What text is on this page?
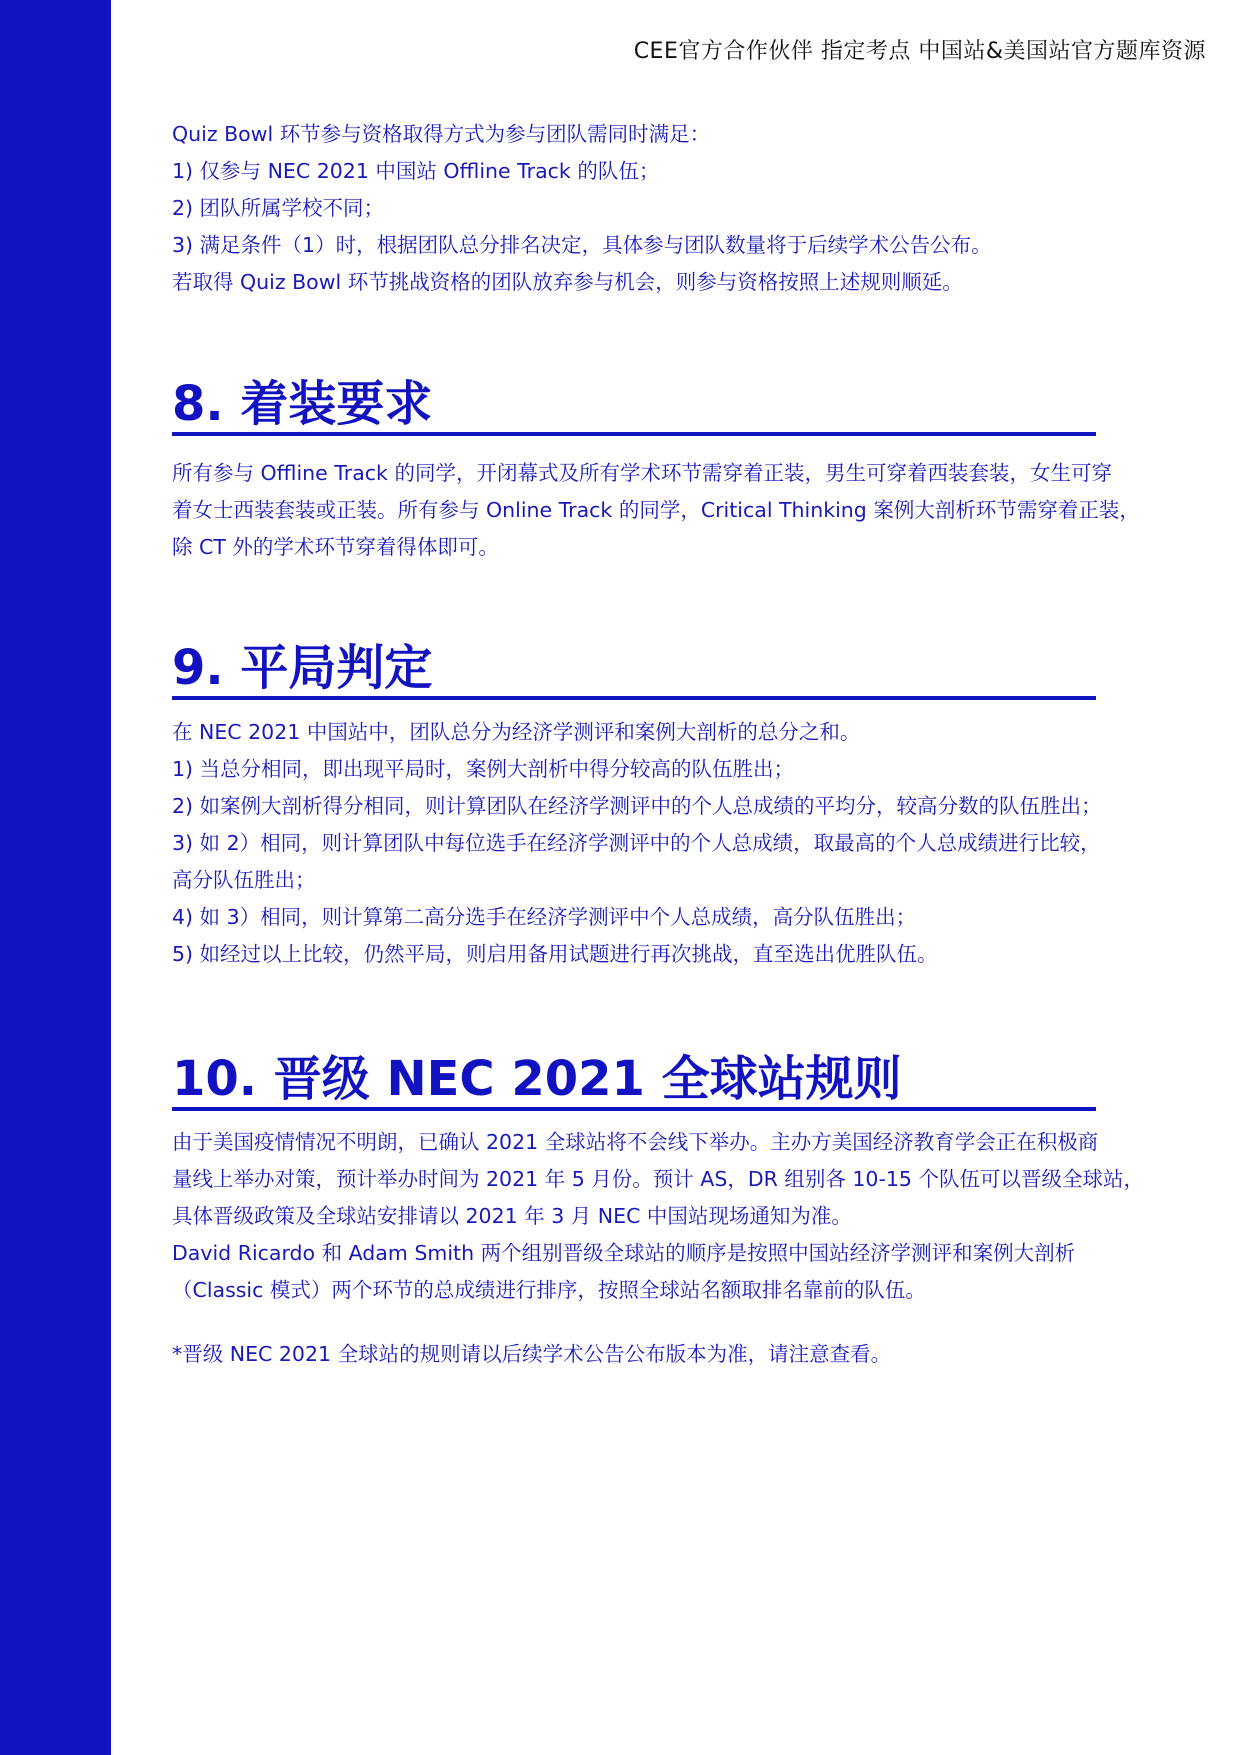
CEE官方合作伙伴 指定考点 中国站&美国站官方题库资源
Quiz Bowl 环节参与资格取得方式为参与团队需同时满足：
1) 仅参与 NEC 2021 中国站 Offline Track 的队伍；
2) 团队所属学校不同；
3) 满足条件（1）时，根据团队总分排名决定，具体参与团队数量将于后续学术公告公布。
若取得 Quiz Bowl 环节挑战资格的团队放弃参与机会，则参与资格按照上述规则顺延。
8. 着装要求
所有参与 Offline Track 的同学，开闭幕式及所有学术环节需穿着正装，男生可穿着西装套装，女生可穿
着女士西装套装或正装。所有参与 Online Track 的同学，Critical Thinking 案例大剖析环节需穿着正装，
除 CT 外的学术环节穿着得体即可。
9. 平局判定
在 NEC 2021 中国站中，团队总分为经济学测评和案例大剖析的总分之和。
1) 当总分相同，即出现平局时，案例大剖析中得分较高的队伍胜出；
2) 如案例大剖析得分相同，则计算团队在经济学测评中的个人总成绩的平均分，较高分数的队伍胜出；
3) 如 2）相同，则计算团队中每位选手在经济学测评中的个人总成绩，取最高的个人总成绩进行比较，
高分队伍胜出；
4) 如 3）相同，则计算第二高分选手在经济学测评中个人总成绩，高分队伍胜出；
5) 如经过以上比较，仍然平局，则启用备用试题进行再次挑战，直至选出优胜队伍。
10. 晋级 NEC 2021 全球站规则
由于美国疫情情况不明朗，已确认 2021 全球站将不会线下举办。主办方美国经济教育学会正在积极商
量线上举办对策，预计举办时间为 2021 年 5 月份。预计 AS，DR 组别各 10-15 个队伍可以晋级全球站，
具体晋级政策及全球站安排请以 2021 年 3 月 NEC 中国站现场通知为准。
David Ricardo 和 Adam Smith 两个组别晋级全球站的顺序是按照中国站经济学测评和案例大剖析
（Classic 模式）两个环节的总成绩进行排序，按照全球站名额取排名靠前的队伍。
*晋级 NEC 2021 全球站的规则请以后续学术公告公布版本为准，请注意查看。
